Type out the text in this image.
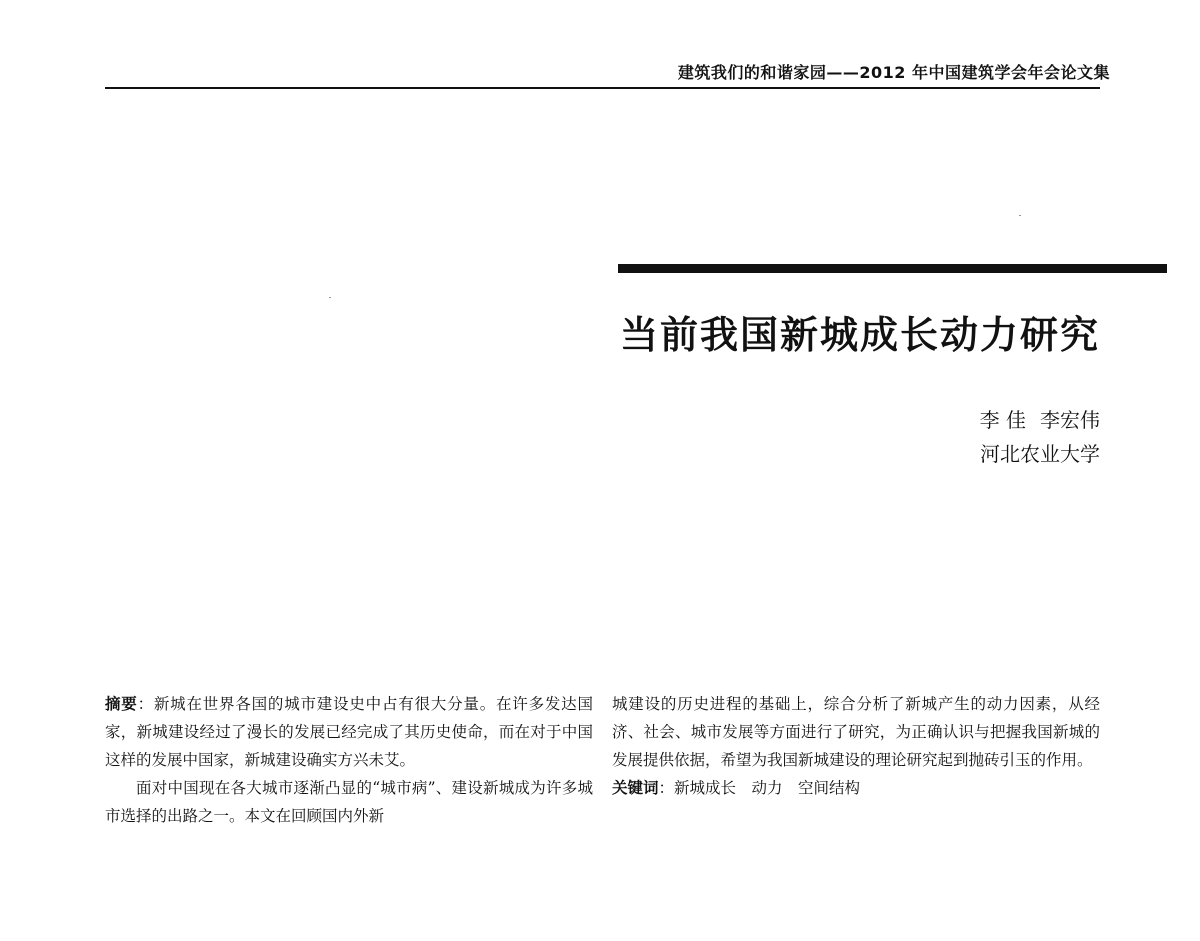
建筑我们的和谐家园——2012 年中国建筑学会年会论文集
当前我国新城成长动力研究
李 佳 李宏伟
河北农业大学

摘要：新城在世界各国的城市建设史中占有很大分量。在许多发达国家，新城建设经过了漫长的发展已经完成了其历史使命，而在对于中国这样的发展中国家，新城建设确实方兴未艾。

面对中国现在各大城市逐渐凸显的“城市病”、建设新城成为许多城市选择的出路之一。本文在回顾国内外新

城建设的历史进程的基础上，综合分析了新城产生的动力因素，从经济、社会、城市发展等方面进行了研究，为正确认识与把握我国新城的发展提供依据，希望为我国新城建设的理论研究起到抛砖引玉的作用。

关键词：新城成长　动力　空间结构
